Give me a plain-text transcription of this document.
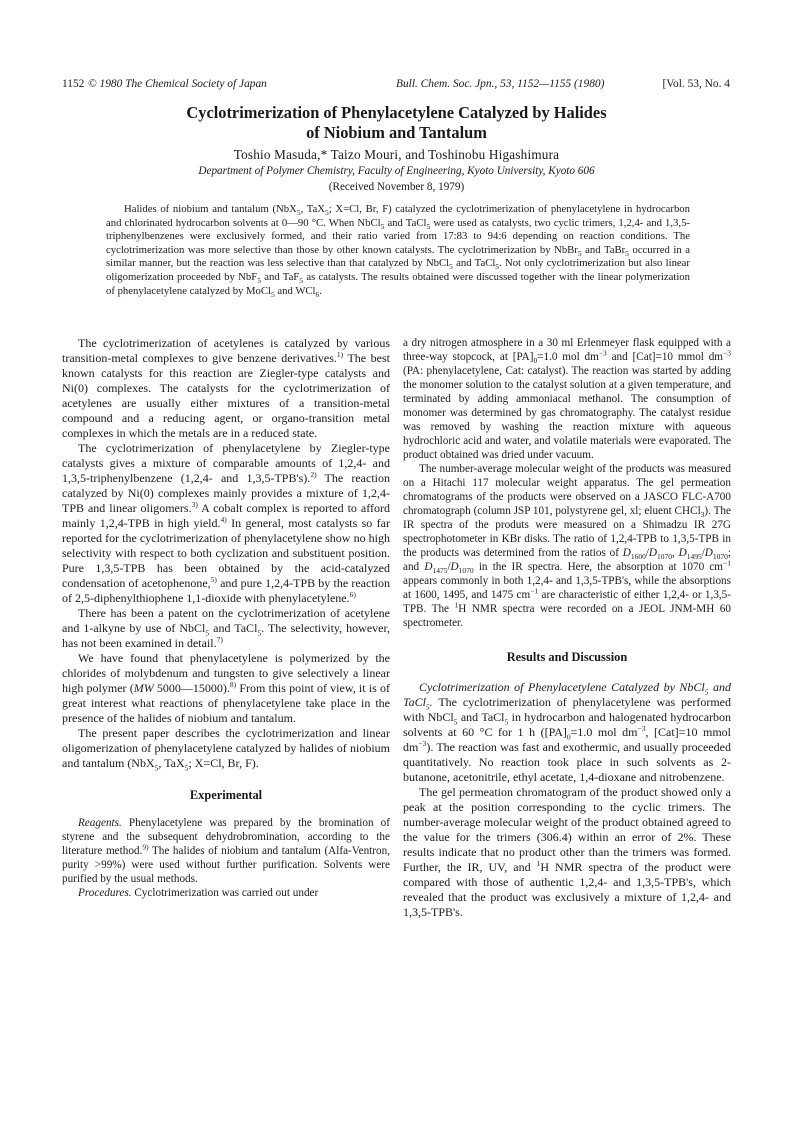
1152 © 1980 The Chemical Society of Japan	Bull. Chem. Soc. Jpn., 53, 1152—1155 (1980)	[Vol. 53, No. 4
Cyclotrimerization of Phenylacetylene Catalyzed by Halides
of Niobium and Tantalum
Toshio Masuda,* Taizo Mouri, and Toshinobu Higashimura
Department of Polymer Chemistry, Faculty of Engineering, Kyoto University, Kyoto 606
(Received November 8, 1979)
Halides of niobium and tantalum (NbX$_5$, TaX$_5$; X=Cl, Br, F) catalyzed the cyclotrimerization of phenylacetylene in hydrocarbon and chlorinated hydrocarbon solvents at 0—90 °C. When NbCl$_5$ and TaCl$_5$ were used as catalysts, two cyclic trimers, 1,2,4- and 1,3,5-triphenylbenzenes were exclusively formed, and their ratio varied from 17:83 to 94:6 depending on reaction conditions. The cyclotrimerization was more selective than those by other known catalysts. The cyclotrimerization by NbBr$_5$ and TaBr$_5$ occurred in a similar manner, but the reaction was less selective than that catalyzed by NbCl$_5$ and TaCl$_5$. Not only cyclotrimerization but also linear oligomerization proceeded by NbF$_5$ and TaF$_5$ as catalysts. The results obtained were discussed together with the linear polymerization of phenylacetylene catalyzed by MoCl$_5$ and WCl$_6$.

The cyclotrimerization of acetylenes is catalyzed by various transition-metal complexes to give benzene derivatives.$^{1)}$ The best known catalysts for this reaction are Ziegler-type catalysts and Ni(0) complexes. The catalysts for the cyclotrimerization of acetylenes are usually either mixtures of a transition-metal compound and a reducing agent, or organo-transition metal complexes in which the metals are in a reduced state.

The cyclotrimerization of phenylacetylene by Ziegler-type catalysts gives a mixture of comparable amounts of 1,2,4- and 1,3,5-triphenylbenzene (1,2,4- and 1,3,5-TPB's).$^{2)}$ The reaction catalyzed by Ni(0) complexes mainly provides a mixture of 1,2,4-TPB and linear oligomers.$^{3)}$ A cobalt complex is reported to afford mainly 1,2,4-TPB in high yield.$^{4)}$ In general, most catalysts so far reported for the cyclotrimerization of phenylacetylene show no high selectivity with respect to both cyclization and substituent position. Pure 1,3,5-TPB has been obtained by the acid-catalyzed condensation of acetophenone,$^{5)}$ and pure 1,2,4-TPB by the reaction of 2,5-diphenylthiophene 1,1-dioxide with phenylacetylene.$^{6)}$

There has been a patent on the cyclotrimerization of acetylene and 1-alkyne by use of NbCl$_5$ and TaCl$_5$. The selectivity, however, has not been examined in detail.$^{7)}$

We have found that phenylacetylene is polymerized by the chlorides of molybdenum and tungsten to give selectively a linear high polymer (MW 5000—15000).$^{8)}$ From this point of view, it is of great interest what reactions of phenylacetylene take place in the presence of the halides of niobium and tantalum.

The present paper describes the cyclotrimerization and linear oligomerization of phenylacetylene catalyzed by halides of niobium and tantalum (NbX$_5$, TaX$_5$; X=Cl, Br, F).

Experimental

Reagents. Phenylacetylene was prepared by the bromination of styrene and the subsequent dehydrobromination, according to the literature method.$^{9)}$ The halides of niobium and tantalum (Alfa-Ventron, purity >99%) were used without further purification. Solvents were purified by the usual methods.

Procedures. Cyclotrimerization was carried out under

a dry nitrogen atmosphere in a 30 ml Erlenmeyer flask equipped with a three-way stopcock, at $[PA]_0=1.0$ mol $dm^{-3}$ and [Cat]=10 mmol $dm^{-3}$ (PA: phenylacetylene, Cat: catalyst). The reaction was started by adding the monomer solution to the catalyst solution at a given temperature, and terminated by adding ammoniacal methanol. The consumption of monomer was determined by gas chromatography. The catalyst residue was removed by washing the reaction mixture with aqueous hydrochloric acid and water, and volatile materials were evaporated. The product obtained was dried under vacuum.

The number-average molecular weight of the products was measured on a Hitachi 117 molecular weight apparatus. The gel permeation chromatograms of the products were observed on a JASCO FLC-A700 chromatograph (column JSP 101, polystyrene gel, xl; eluent CHCl$_3$). The IR spectra of the produts were measured on a Shimadzu IR 27G spectrophotometer in KBr disks. The ratio of 1,2,4-TPB to 1,3,5-TPB in the products was determined from the ratios of $D_{1600}/D_{1070}$, $D_{1495}/D_{1070}$; and $D_{1475}/D_{1070}$ in the IR spectra. Here, the absorption at 1070 $cm^{-1}$ appears commonly in both 1,2,4- and 1,3,5-TPB's, while the absorptions at 1600, 1495, and 1475 $cm^{-1}$ are characteristic of either 1,2,4- or 1,3,5-TPB. The $^1$H NMR spectra were recorded on a JEOL JNM-MH 60 spectrometer.

Results and Discussion

Cyclotrimerization of Phenylacetylene Catalyzed by NbCl$_5$ and TaCl$_5$. The cyclotrimerization of phenylacetylene was performed with NbCl$_5$ and TaCl$_5$ in hydrocarbon and halogenated hydrocarbon solvents at 60 °C for 1 h ($[PA]_0=1.0$ mol $dm^{-3}$, [Cat]=10 mmol $dm^{-3}$). The reaction was fast and exothermic, and usually proceeded quantitatively. No reaction took place in such solvents as 2-butanone, acetonitrile, ethyl acetate, 1,4-dioxane and nitrobenzene.

The gel permeation chromatogram of the product showed only a peak at the position corresponding to the cyclic trimers. The number-average molecular weight of the product obtained agreed to the value for the trimers (306.4) within an error of 2%. These results indicate that no product other than the trimers was formed. Further, the IR, UV, and $^1$H NMR spectra of the product were compared with those of authentic 1,2,4- and 1,3,5-TPB's, which revealed that the product was exclusively a mixture of 1,2,4- and 1,3,5-TPB's.
